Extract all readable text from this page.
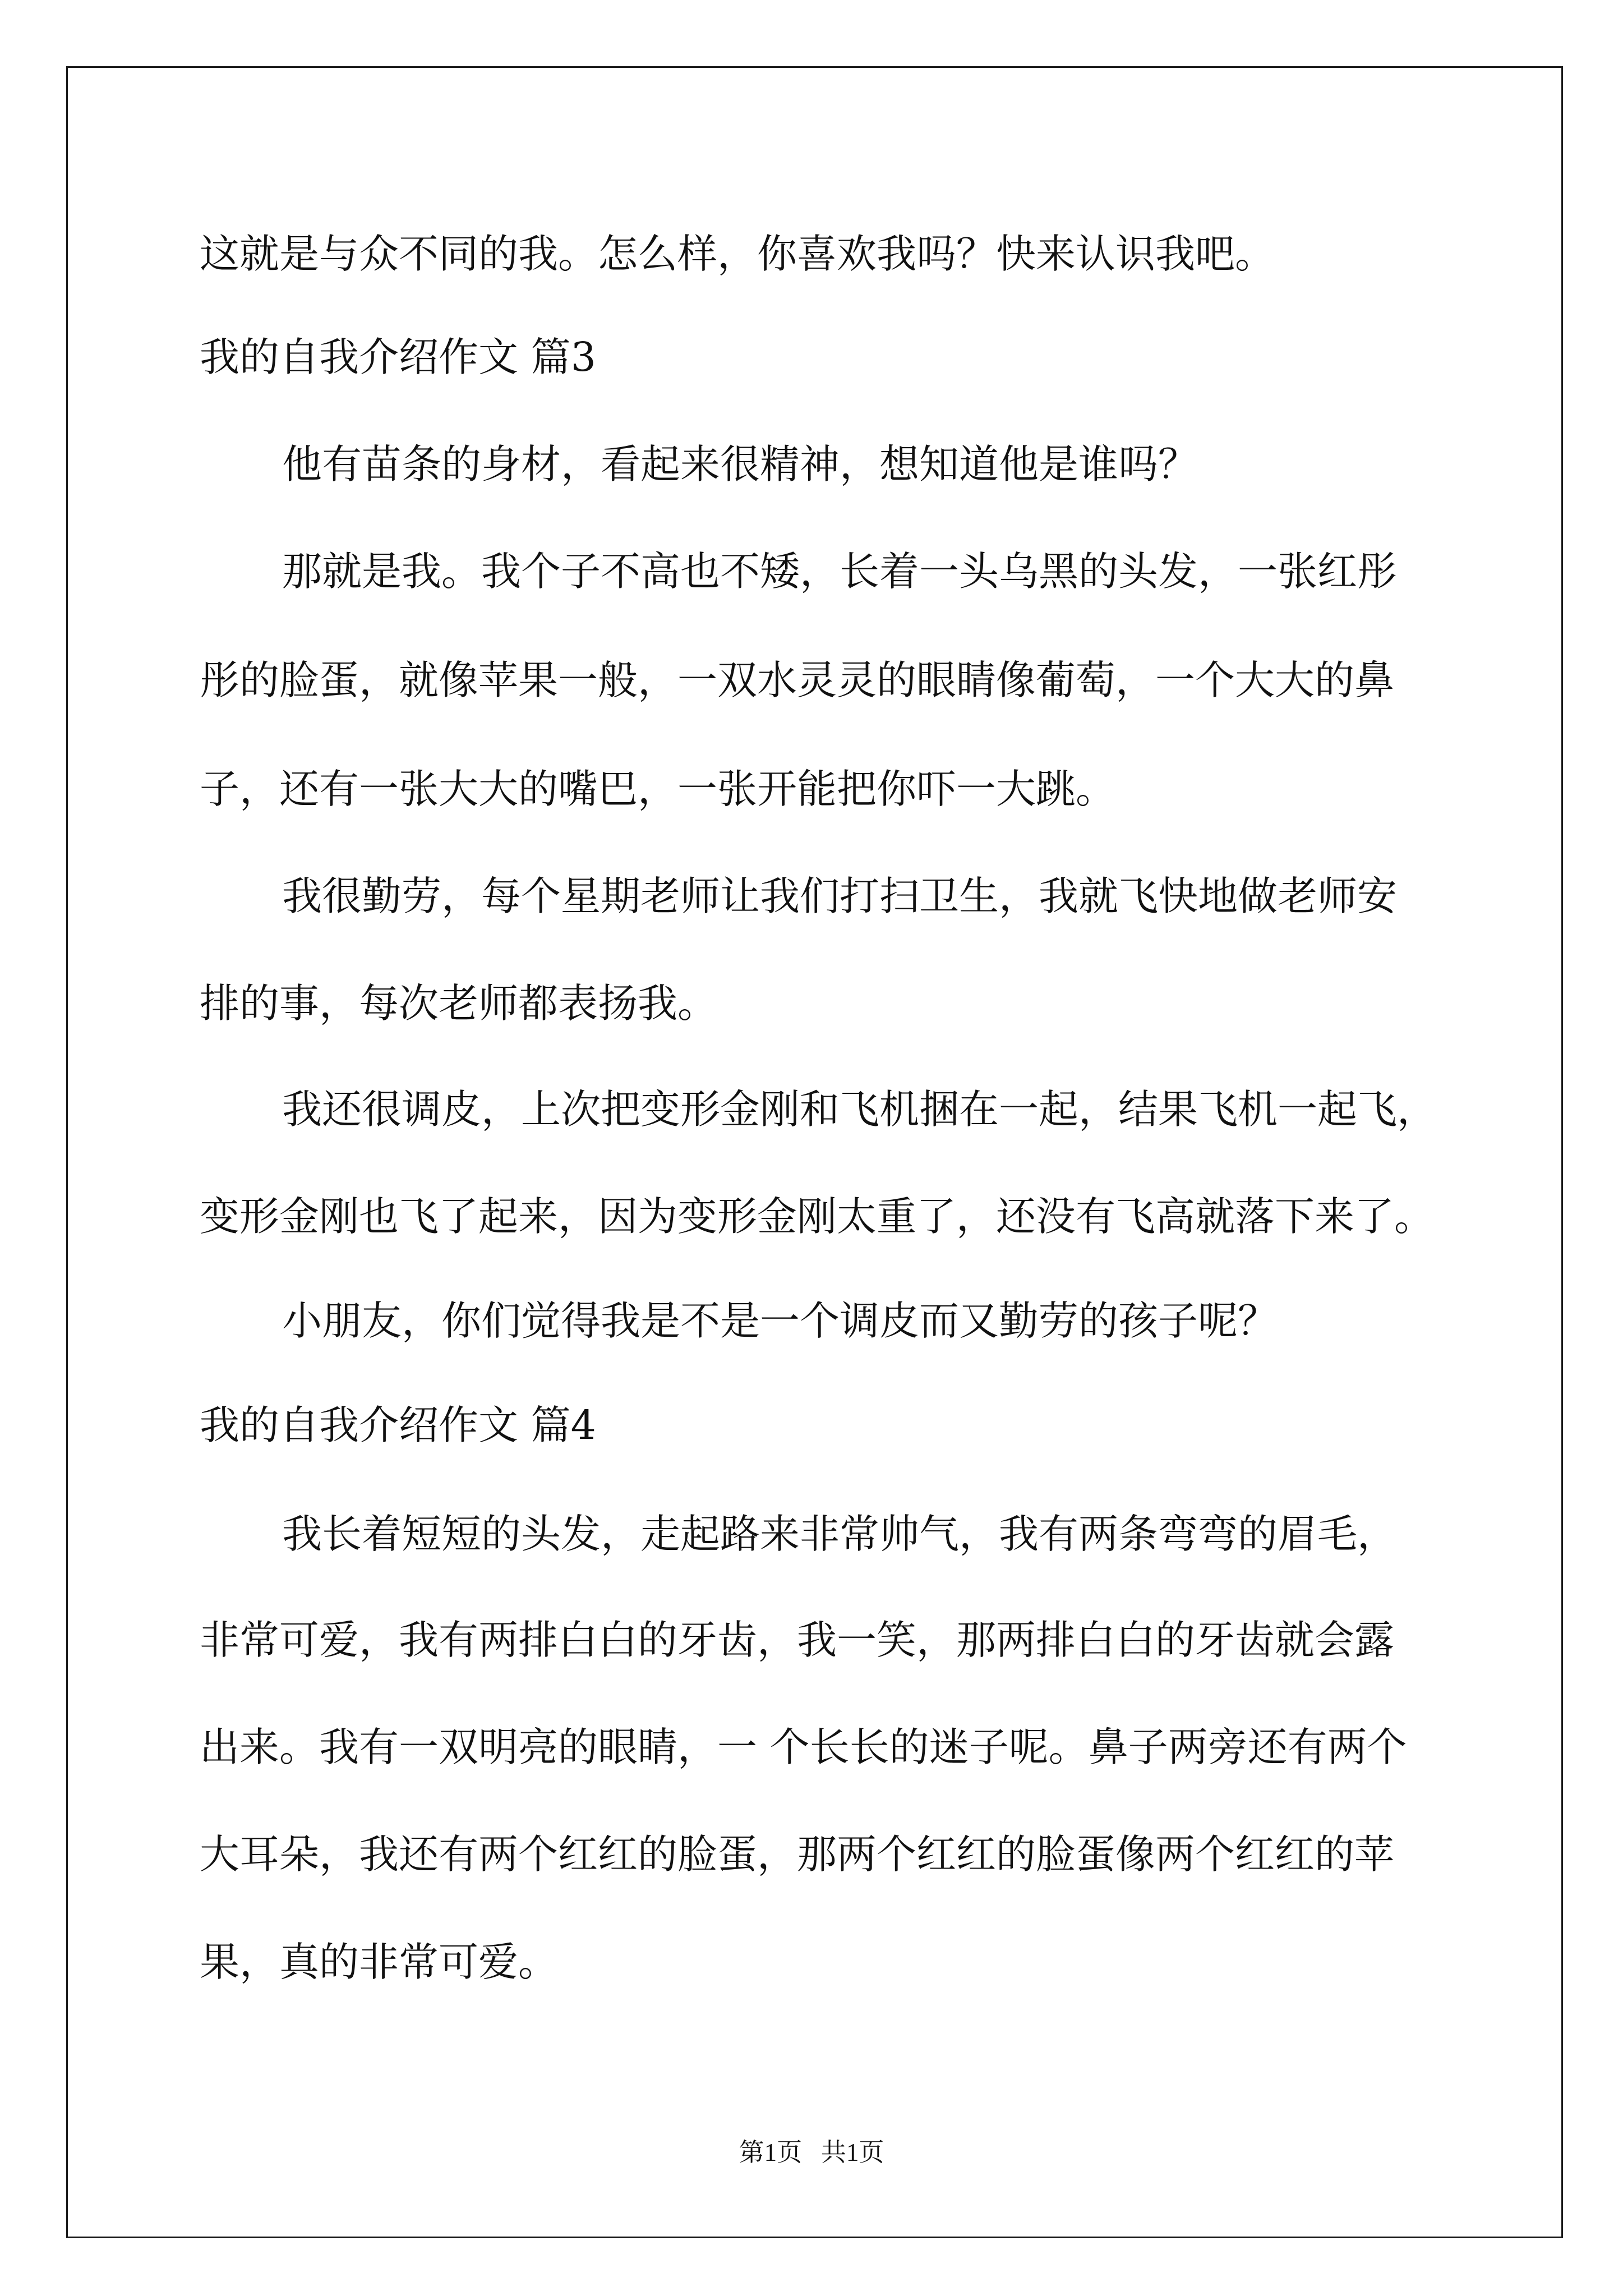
这就是与众不同的我。怎么样，你喜欢我吗？快来认识我吧。
我的自我介绍作文 篇3
他有苗条的身材，看起来很精神，想知道他是谁吗？
那就是我。我个子不高也不矮，长着一头乌黑的头发，一张红彤
彤的脸蛋，就像苹果一般，一双水灵灵的眼睛像葡萄，一个大大的鼻
子，还有一张大大的嘴巴，一张开能把你吓一大跳。
我很勤劳，每个星期老师让我们打扫卫生，我就飞快地做老师安
排的事，每次老师都表扬我。
我还很调皮，上次把变形金刚和飞机捆在一起，结果飞机一起飞，
变形金刚也飞了起来，因为变形金刚太重了，还没有飞高就落下来了。
小朋友，你们觉得我是不是一个调皮而又勤劳的孩子呢？
我的自我介绍作文 篇4
我长着短短的头发，走起路来非常帅气，我有两条弯弯的眉毛，
非常可爱，我有两排白白的牙齿，我一笑，那两排白白的牙齿就会露
出来。我有一双明亮的眼睛，一 个长长的迷子呢。鼻子两旁还有两个
大耳朵，我还有两个红红的脸蛋，那两个红红的脸蛋像两个红红的苹
果，真的非常可爱。
第1页   共1页
